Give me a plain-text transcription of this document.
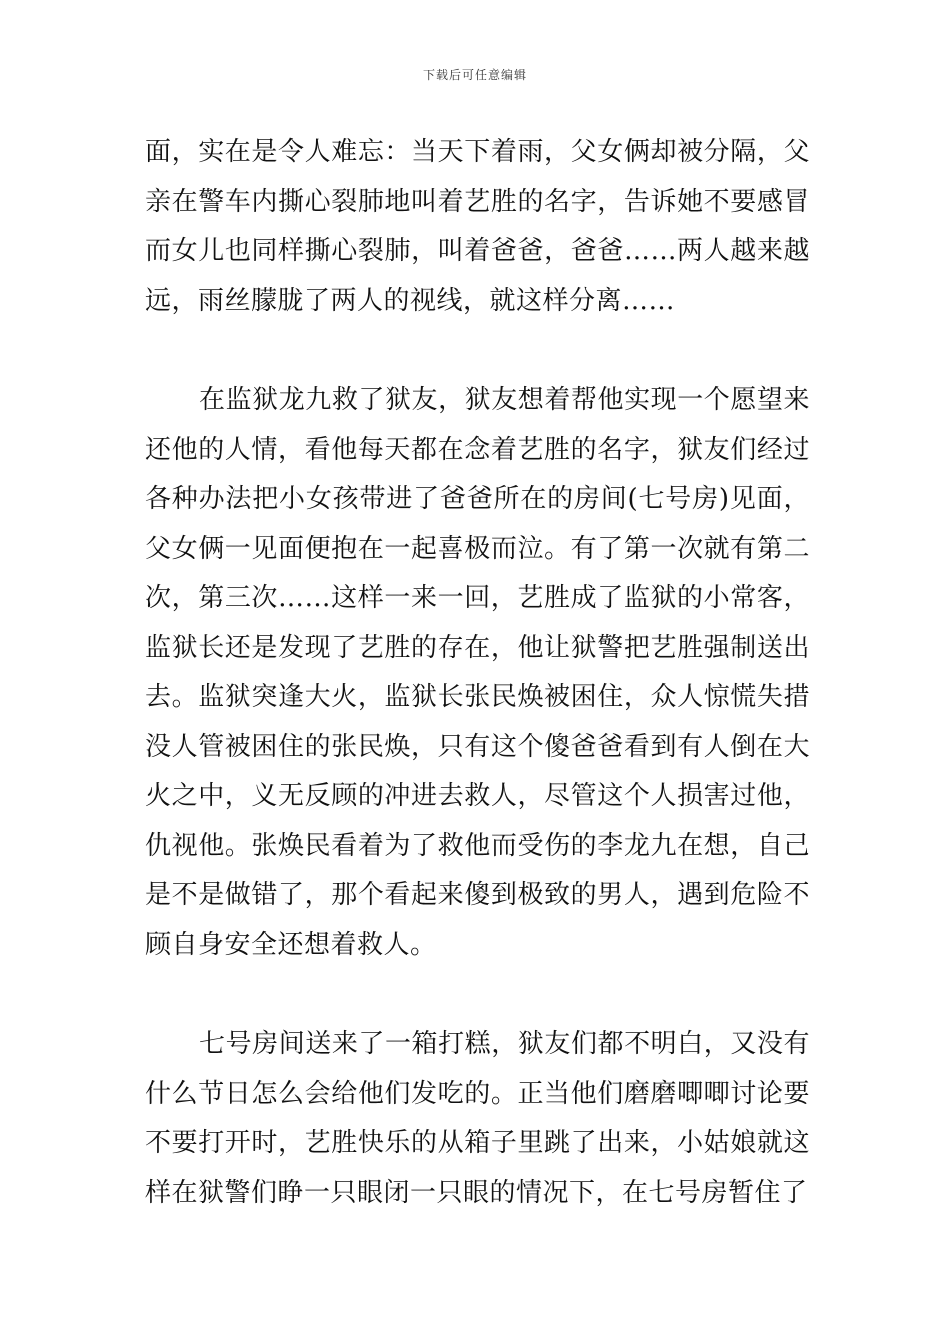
下载后可任意编辑

面，实在是令人难忘：当天下着雨，父女俩却被分隔，父亲在警车内撕心裂肺地叫着艺胜的名字，告诉她不要感冒而女儿也同样撕心裂肺，叫着爸爸，爸爸……两人越来越远，雨丝朦胧了两人的视线，就这样分离……

在监狱龙九救了狱友，狱友想着帮他实现一个愿望来还他的人情，看他每天都在念着艺胜的名字，狱友们经过各种办法把小女孩带进了爸爸所在的房间(七号房)见面，父女俩一见面便抱在一起喜极而泣。有了第一次就有第二次，第三次……这样一来一回，艺胜成了监狱的小常客，监狱长还是发现了艺胜的存在，他让狱警把艺胜强制送出去。监狱突逢大火，监狱长张民焕被困住，众人惊慌失措没人管被困住的张民焕，只有这个傻爸爸看到有人倒在大火之中，义无反顾的冲进去救人，尽管这个人损害过他，仇视他。张焕民看着为了救他而受伤的李龙九在想，自己是不是做错了，那个看起来傻到极致的男人，遇到危险不顾自身安全还想着救人。

七号房间送来了一箱打糕，狱友们都不明白，又没有什么节日怎么会给他们发吃的。正当他们磨磨唧唧讨论要不要打开时，艺胜快乐的从箱子里跳了出来，小姑娘就这样在狱警们睁一只眼闭一只眼的情况下，在七号房暂住了
